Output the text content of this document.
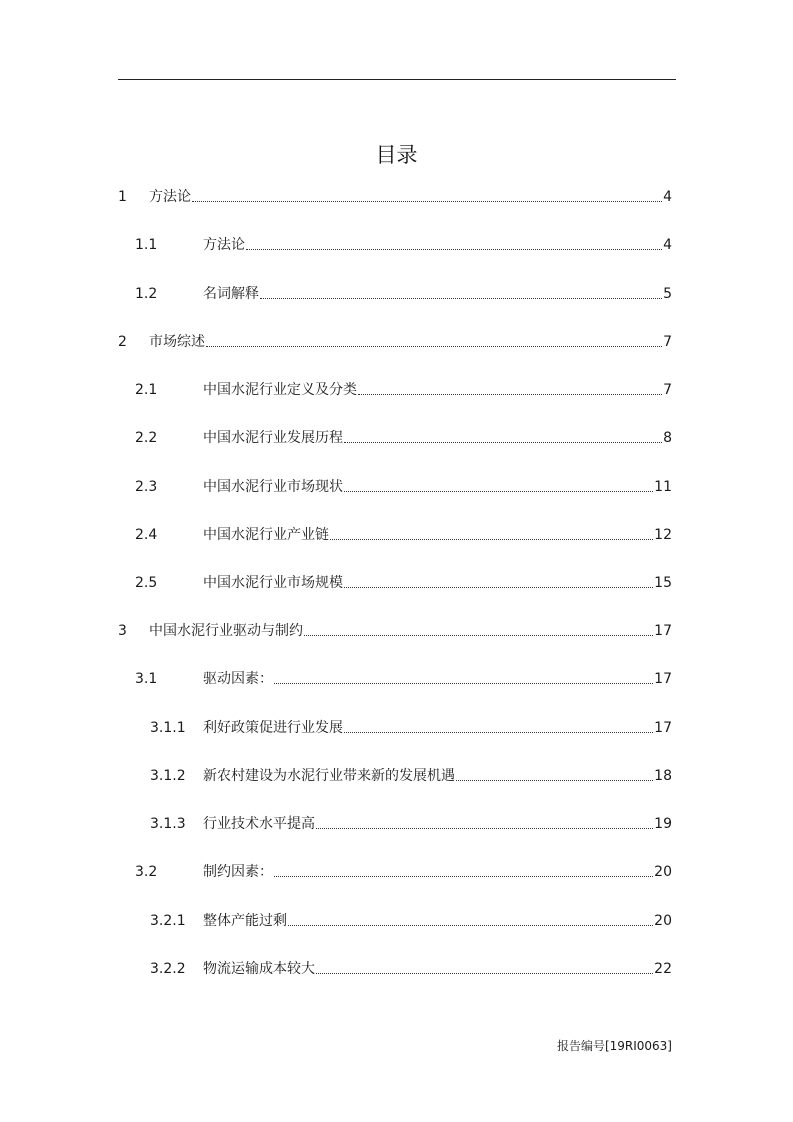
目录
1	方法论	4
1.1	方法论	4
1.2	名词解释	5
2	市场综述	7
2.1	中国水泥行业定义及分类	7
2.2	中国水泥行业发展历程	8
2.3	中国水泥行业市场现状	11
2.4	中国水泥行业产业链	12
2.5	中国水泥行业市场规模	15
3	中国水泥行业驱动与制约	17
3.1	驱动因素：	17
3.1.1	利好政策促进行业发展	17
3.1.2	新农村建设为水泥行业带来新的发展机遇	18
3.1.3	行业技术水平提高	19
3.2	制约因素：	20
3.2.1	整体产能过剩	20
3.2.2	物流运输成本较大	22
报告编号[19RI0063]
